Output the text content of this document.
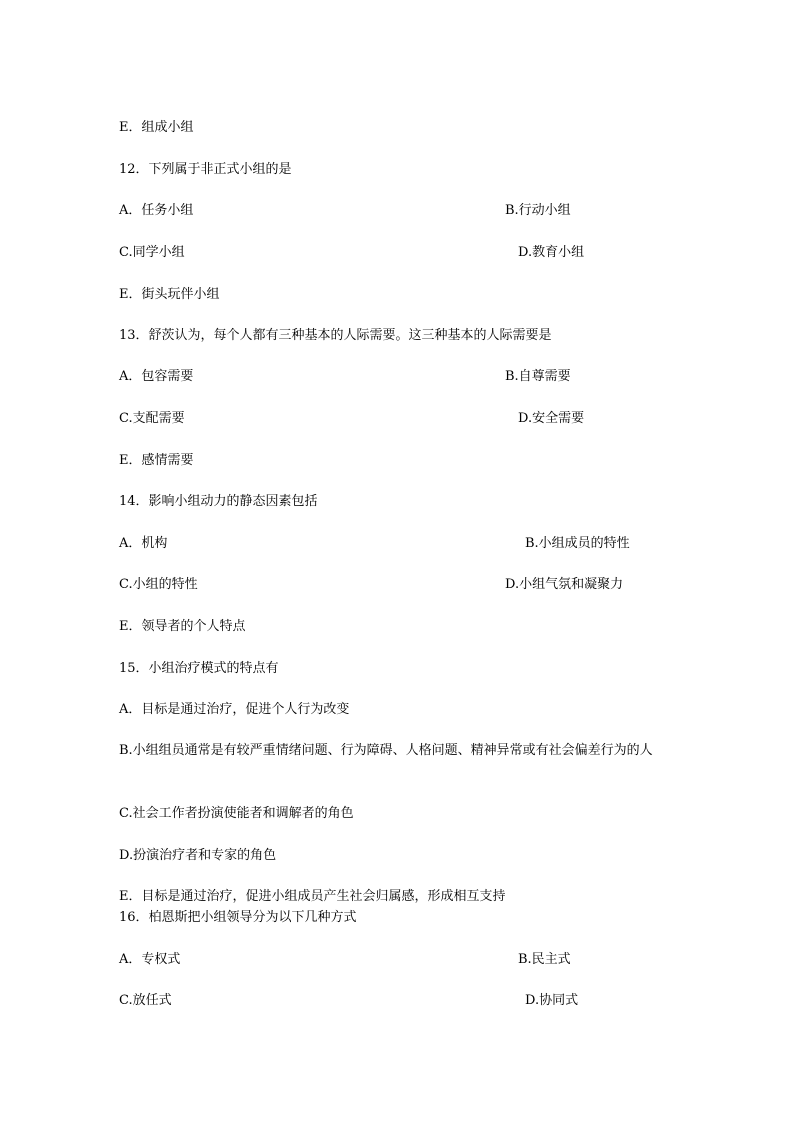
E．组成小组
12．下列属于非正式小组的是
A．任务小组	B.行动小组
C.同学小组	D.教育小组
E．街头玩伴小组
13．舒茨认为，每个人都有三种基本的人际需要。这三种基本的人际需要是
A．包容需要	B.自尊需要
C.支配需要	D.安全需要
E．感情需要
14．影响小组动力的静态因素包括
A．机构	B.小组成员的特性
C.小组的特性	D.小组气氛和凝聚力
E．领导者的个人特点
15．小组治疗模式的特点有
A．目标是通过治疗，促进个人行为改变
B.小组组员通常是有较严重情绪问题、行为障碍、人格问题、精神异常或有社会偏差行为的人
C.社会工作者扮演使能者和调解者的角色
D.扮演治疗者和专家的角色
E．目标是通过治疗，促进小组成员产生社会归属感，形成相互支持
16．柏恩斯把小组领导分为以下几种方式
A．专权式	B.民主式
C.放任式	D.协同式
